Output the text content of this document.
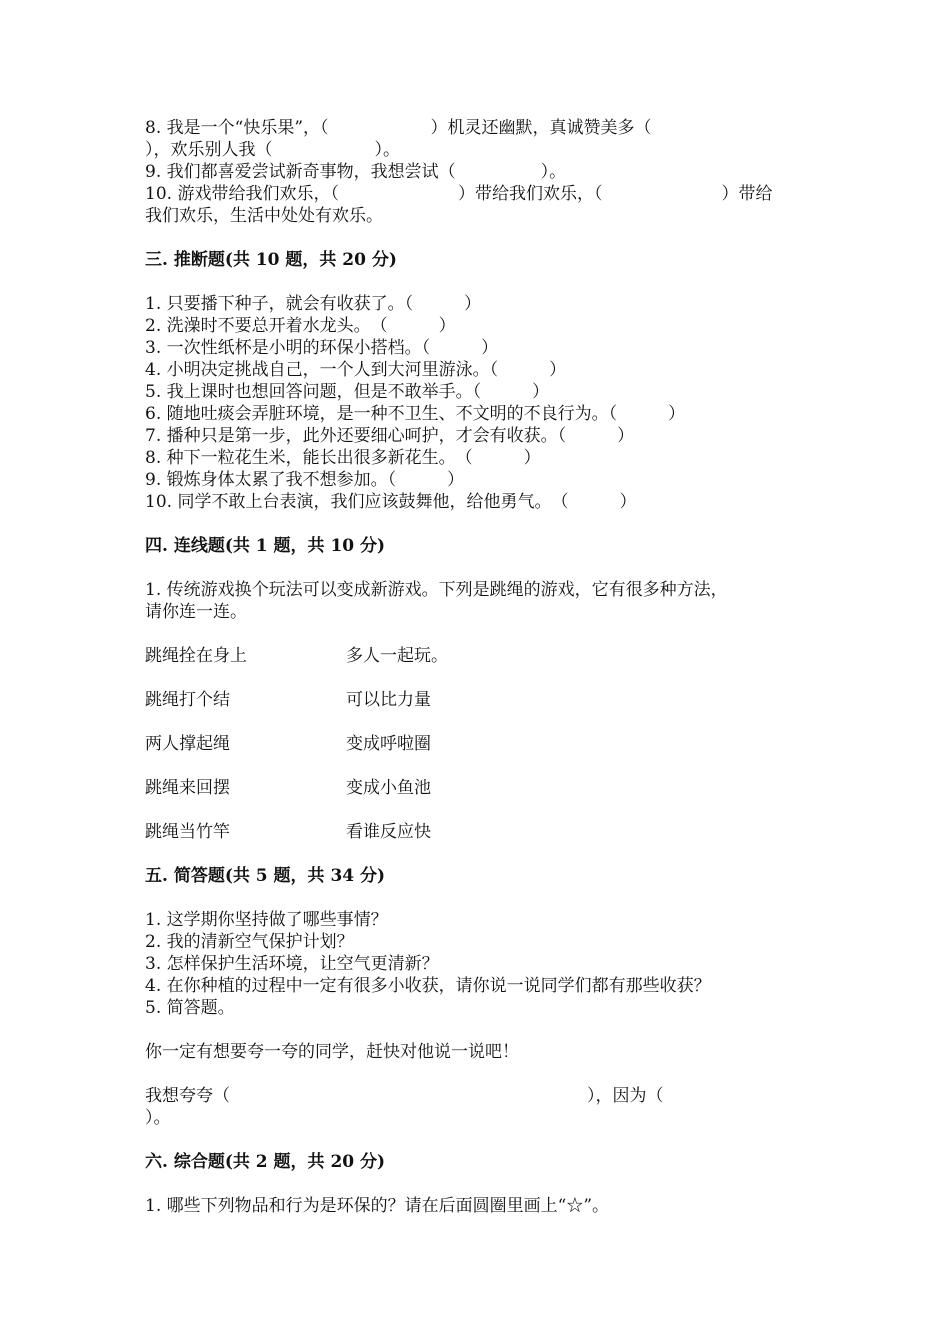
8. 我是一个“快乐果”，（　　　　　　）机灵还幽默，真诚赞美多（
），欢乐别人我（　　　　　　）。
9. 我们都喜爱尝试新奇事物，我想尝试（　　　　　）。
10. 游戏带给我们欢乐，（　　　　　　　）带给我们欢乐，（　　　　　　　）带给
我们欢乐，生活中处处有欢乐。
三. 推断题(共 10 题，共 20 分)
1. 只要播下种子，就会有收获了。（　　　）
2. 洗澡时不要总开着水龙头。　（　　　）
3. 一次性纸杯是小明的环保小搭档。（　　　）
4. 小明决定挑战自己，一个人到大河里游泳。（　　　）
5. 我上课时也想回答问题，但是不敢举手。（　　　）
6. 随地吐痰会弄脏环境，是一种不卫生、不文明的不良行为。（　　　）
7. 播种只是第一步，此外还要细心呵护，才会有收获。（　　　）
8. 种下一粒花生米，能长出很多新花生。　（　　　）
9. 锻炼身体太累了我不想参加。（　　　）
10. 同学不敢上台表演，我们应该鼓舞他，给他勇气。　（　　　）
四. 连线题(共 1 题，共 10 分)
1. 传统游戏换个玩法可以变成新游戏。下列是跳绳的游戏，它有很多种方法，
请你连一连。
跳绳拴在身上	多人一起玩。
跳绳打个结	可以比力量
两人撑起绳	变成呼啦圈
跳绳来回摆	变成小鱼池
跳绳当竹竿	看谁反应快
五. 简答题(共 5 题，共 34 分)
1. 这学期你坚持做了哪些事情？
2. 我的清新空气保护计划？
3. 怎样保护生活环境，让空气更清新？
4. 在你种植的过程中一定有很多小收获，请你说一说同学们都有那些收获？
5. 简答题。
你一定有想要夸一夸的同学，赶快对他说一说吧！
我想夸夸（　　　　　　　　　　　　　　　　　　　　　），因为（
）。
六. 综合题(共 2 题，共 20 分)
1. 哪些下列物品和行为是环保的？请在后面圆圈里画上“☆”。
